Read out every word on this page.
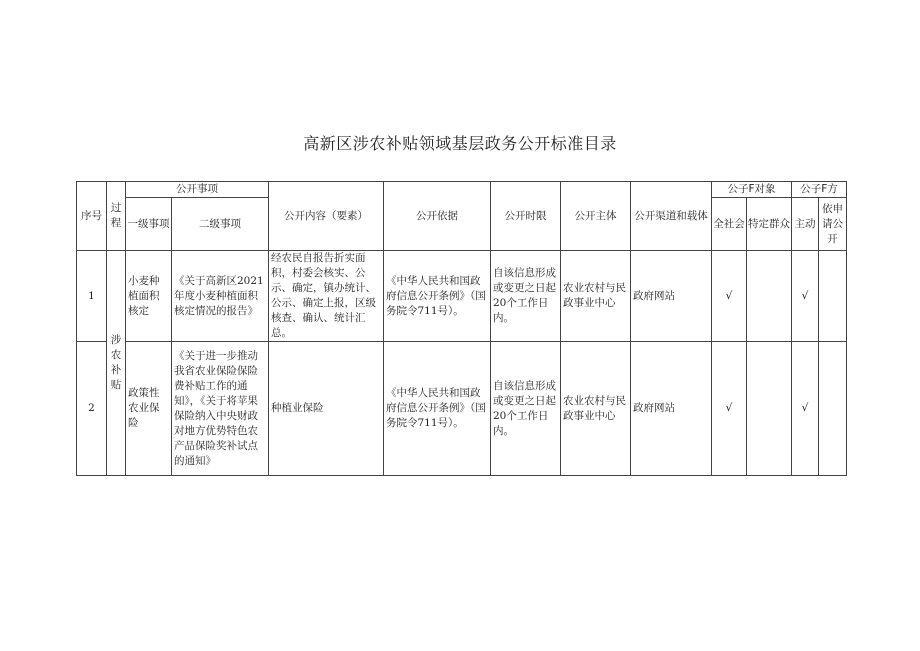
高新区涉农补贴领域基层政务公开标准目录
序号	过程	公开事项		公开内容（要素）	公开依据	公开时限	公开主体	公开渠道和载体	公子F对象		公子F方	
		一级事项	二级事项						全社会	特定群众	主动	依申请公开

1	涉农补贴	小麦种植面积核定	《关于高新区2021年度小麦种植面积核定情况的报告》	经农民自报告折实面积，村委会核实、公示、确定，镇办统计、公示、确定上报，区级核查、确认、统计汇总。	《中华人民共和国政府信息公开条例》（国务院令711号）。	自该信息形成或变更之日起20个工作日内。	农业农村与民政事业中心	政府网站	√		√	
2		政策性农业保险	《关于进一步推动我省农业保险保险费补贴工作的通知》，《关于将苹果保险纳入中央财政对地方优势特色农产品保险奖补试点的通知》	种植业保险	《中华人民共和国政府信息公开条例》（国务院令711号）。	自该信息形成或变更之日起20个工作日内。	农业农村与民政事业中心	政府网站	√		√	
